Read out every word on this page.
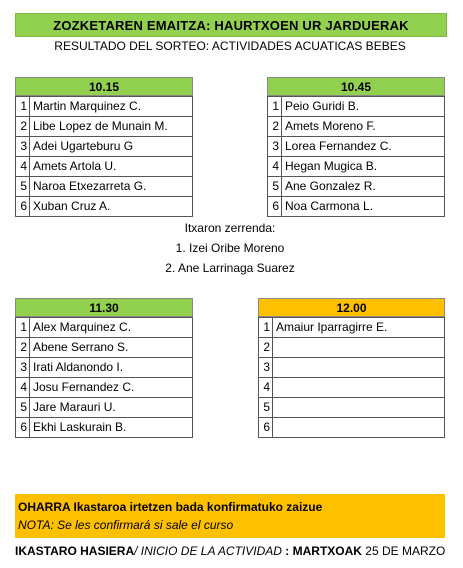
ZOZKETAREN EMAITZA: HAURTXOEN UR JARDUERAK
RESULTADO DEL SORTEO: ACTIVIDADES ACUATICAS BEBES
10.15
1	Martin Marquinez C.
2	Libe Lopez de Munain M.
3	Adei Ugarteburu G
4	Amets Artola U.
5	Naroa Etxezarreta G.
6	Xuban Cruz A.
10.45
1	Peio Guridi B.
2	Amets Moreno F.
3	Lorea Fernandez C.
4	Hegan Mugica B.
5	Ane Gonzalez R.
6	Noa Carmona L.
Itxaron zerrenda:
1. Izei Oribe Moreno
2. Ane Larrinaga Suarez
11.30
1	Alex Marquinez C.
2	Abene Serrano S.
3	Irati Aldanondo I.
4	Josu Fernandez C.
5	Jare Marauri U.
6	Ekhi Laskurain B.
12.00
1	Amaiur Iparragirre E.
2	
3	
4	
5	
6	
OHARRA Ikastaroa irtetzen bada konfirmatuko zaizue
NOTA: Se les confirmará si sale el curso
IKASTARO HASIERA/ INICIO DE LA ACTIVIDAD : MARTXOAK 25 DE MARZO
